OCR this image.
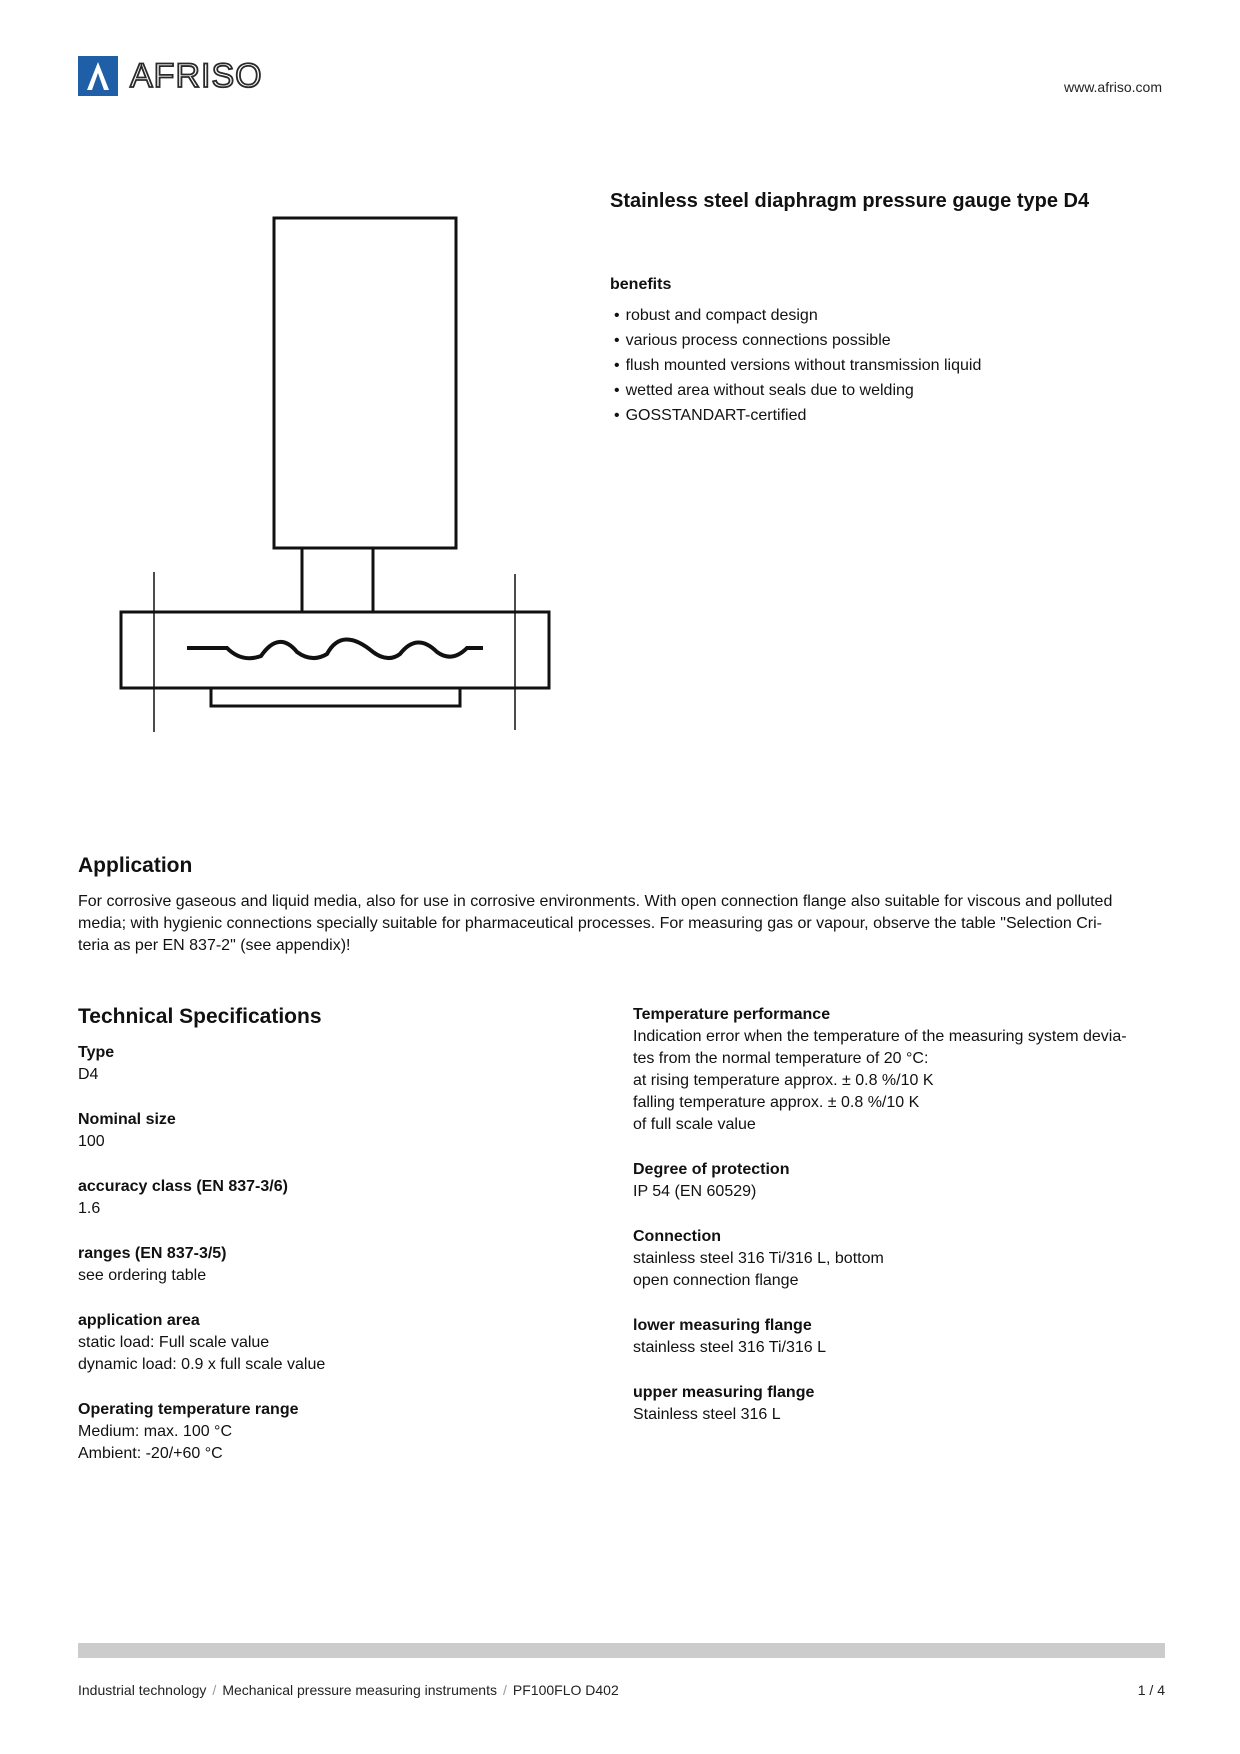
AFRISO	www.afriso.com
Stainless steel diaphragm pressure gauge type D4
benefits
• robust and compact design
• various process connections possible
• flush mounted versions without transmission liquid
• wetted area without seals due to welding
• GOSSTANDART-certified
Application
For corrosive gaseous and liquid media, also for use in corrosive environments. With open connection flange also suitable for viscous and polluted
media; with hygienic connections specially suitable for pharmaceutical processes. For measuring gas or vapour, observe the table "Selection Cri-
teria as per EN 837-2" (see appendix)!
Technical Specifications
Type
D4
Nominal size
100
accuracy class (EN 837-3/6)
1.6
ranges (EN 837-3/5)
see ordering table
application area
static load: Full scale value
dynamic load: 0.9 x full scale value
Operating temperature range
Medium: max. 100 °C
Ambient: -20/+60 °C
Temperature performance
Indication error when the temperature of the measuring system devia-
tes from the normal temperature of 20 °C:
at rising temperature approx. ± 0.8 %/10 K
falling temperature approx. ± 0.8 %/10 K
of full scale value
Degree of protection
IP 54 (EN 60529)
Connection
stainless steel 316 Ti/316 L, bottom
open connection flange
lower measuring flange
stainless steel 316 Ti/316 L
upper measuring flange
Stainless steel 316 L
Industrial technology / Mechanical pressure measuring instruments / PF100FLO D402	1 / 4
